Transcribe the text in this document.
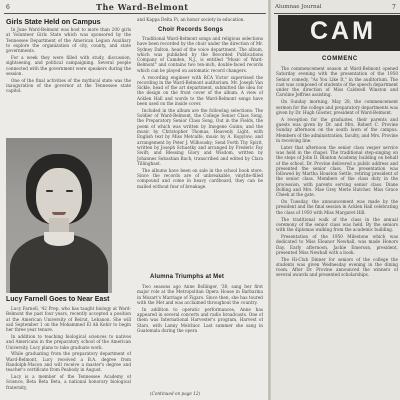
6	The Ward-Belmont	Alumnae Journal	7
Girls State Held on Campus

In June Ward-Belmont was host to more than 200 girls at Volunteer Girls State which was sponsored by the Tennessee Department of the American Legion Auxiliary to explore the organization of city, county, and state governments.

For a week they were filled with study, discussion, sightseeing, and political campaigning. Several people connected with the government were speakers during the session.

One of the final activities of the mythical state was the inauguration of the governor at the Tennessee state capitol.

Lucy Farnell Goes to Near East

Lucy Farnell, '42 Prep, who has taught biology at Ward-Belmont the past four years, recently accepted a position at the American University of Beirut, Lebanon. She will sail September 1 on the Mohammed El Ali Kebir to begin her three year tenure.

In addition to teaching biological sciences to natives and Americans in the preparatory school of the American University, Lucy plans to take graduate work.

While graduating from the preparatory department of Ward-Belmont, Lucy received a B.A. degree from Randolph-Macon and will receive a master's degree and teacher's certificate from Peabody in August.

Lucy is a member of the Tennessee Academy of Science, Beta Beta Beta, a national honorary biological fraternity,

and Kappa Delta Pi, an honor society in education.

Choir Records Songs

Traditional Ward-Belmont songs and religious selections have been recorded by the choir under the direction of Mr. Sydney Dalton, head of the voice department. The album, which was published by the Recorded Publications Company of Camden, N.J., is entitled "Music of Ward-Belmont" and contains two ten-inch, double-faced records which can be played on automatic record changers.

A recording engineer with RCA Victor supervised the recording in the Ward-Belmont auditorium. Mr. Joseph Van Sickle, head of the art department, submitted the idea for the design on the front cover of the album. A view of Acklen Hall and words to the Ward-Belmont songs have been used on the inside cover.

Included in the album are the following selections: The Soldier of Ward-Belmont, the College Senior Class Song, the Preparatory Senior Class Song, Out in the Fields, the poem of which was written by Imogene Guinn; and the music by Christopher Thomas; Heavenly Light, with English text by Miss Metcalfe, music by A. Kopylow; and arrangement by Peter J. Wilhousky; Send Forth Thy Spirit, written by Joseph Schuetky and arranged by Frederic Fay Swift; and Blessing Glory and Wisdom, written by Johannes Sebastian Bach, transcribed and edited by Clara Tillinghast.

The albums have been on sale in the school book store. Since the records are of unbreakable, vinylite-filled compound and come in heavy cardboard, they can be mailed without fear of breakage.

Alumna Triumphs at Met

Two seasons ago Anne Bollinger, '38, sang her first major role at the Metropolitan Opera House in Barbarina in Mozart's Marriage of Figaro. Since then, she has toured with the Met and was acclaimed throughout the country.

In addition to operatic performances, Anne has appeared in several concerts and radio broadcasts. One of them was International Harvester's program, Harvest of Stars, with Lanny Melchior. Last summer she sang in Guatemala during the opera

(Continued on page 12)
CAM
COMMENC

The commencement season at Ward-Belmont opened Saturday evening with the presentation of the 1950 Senior comedy, "As You Like It," in the auditorium. The cast was composed of students of the speech department under the direction of Miss Caldwell Winston and Caroline Jeffries assisting.

On Sunday morning, May 28, the commencement sermon for the college and preparatory departments was given by Dr. Hugh Gloster, president of Ward-Belmont.

A reception for the graduates, their parents and guests was given by Dr. and Mrs. Robert C. Provine Sunday afternoon on the south lawn of the campus. Members of the administration, faculty, and Mrs. Provine in receiving line.

Later that afternoon the senior class vesper service was held in the chapel. The traditional step-singing on the steps of John D. Blanton Academy building on behalf of the school. Dr. Provine delivered a public address and presented the senior class. The presentation was followed by Martha Houston Settle, retiring president of the senior class. Members of the class duty in the procession, with parents serving senior class. Diane Bolling and Mrs. Mae Grey Merle Hatcher. Miss Grace Cheek at the gate.

On Tuesday, the announcement was made by the president and the final session in Acklen Hall celebrating the class of 1950 with Miss Margaret Hill.

The traditional walk of the class in the annual ceremony of the senior class was held. By the seniors with the diplomas walking from the academic building.

Presentation of the 1950 Milestone which was dedicated to Miss Eleanor Newhall, was made Honors Day. Early afternoon, Jackie Emerson, president, presented Miss Newhall with a book.

The Hi-Club Dinner for seniors of the college the students was given Wednesday evening in the dining room. After Dr. Provine announced the winners of several awards and presented scholarships.
